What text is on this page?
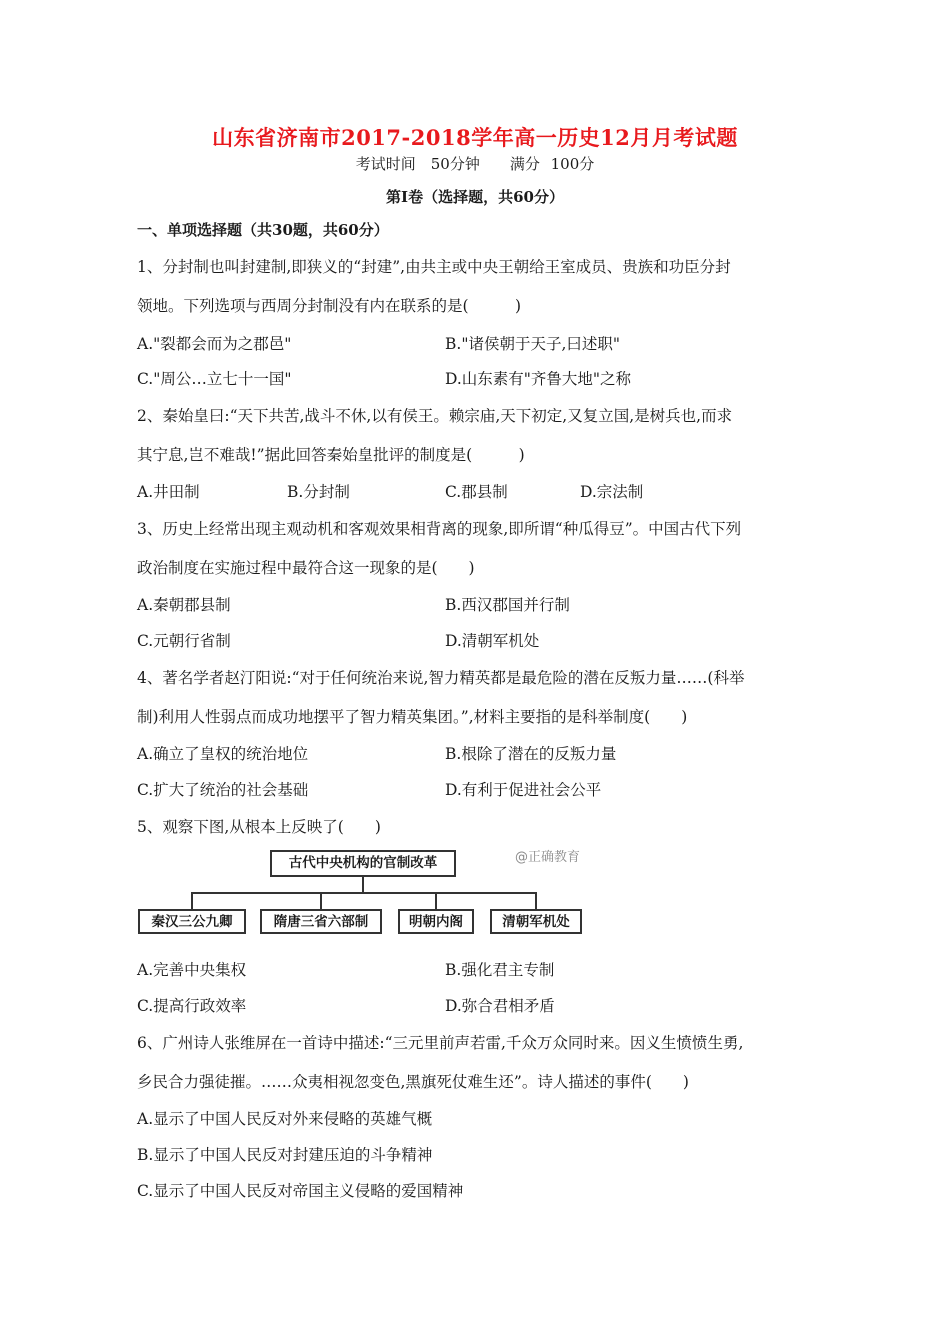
山东省济南市2017-2018学年高一历史12月月考试题
考试时间　50分钟　　满分 100分
第Ⅰ卷（选择题，共60分）
一、单项选择题（共30题，共60分）
1、分封制也叫封建制,即狭义的“封建”,由共主或中央王朝给王室成员、贵族和功臣分封
领地。下列选项与西周分封制没有内在联系的是(　　　)
A."裂都会而为之郡邑"	B."诸侯朝于天子,曰述职"
C."周公…立七十一国"	D.山东素有"齐鲁大地"之称
2、秦始皇曰:“天下共苦,战斗不休,以有侯王。赖宗庙,天下初定,又复立国,是树兵也,而求
其宁息,岂不难哉!”据此回答秦始皇批评的制度是(　　　)
A.井田制	B.分封制	C.郡县制	D.宗法制
3、历史上经常出现主观动机和客观效果相背离的现象,即所谓“种瓜得豆”。中国古代下列
政治制度在实施过程中最符合这一现象的是(　　)
A.秦朝郡县制	B.西汉郡国并行制
C.元朝行省制	D.清朝军机处
4、著名学者赵汀阳说:“对于任何统治来说,智力精英都是最危险的潜在反叛力量……(科举
制)利用人性弱点而成功地摆平了智力精英集团。”,材料主要指的是科举制度(　　)
A.确立了皇权的统治地位	B.根除了潜在的反叛力量
C.扩大了统治的社会基础	D.有利于促进社会公平
5、观察下图,从根本上反映了(　　)
古代中央机构的官制改革
秦汉三公九卿	隋唐三省六部制	明朝内阁	清朝军机处
@正确教育
A.完善中央集权	B.强化君主专制
C.提高行政效率	D.弥合君相矛盾
6、广州诗人张维屏在一首诗中描述:“三元里前声若雷,千众万众同时来。因义生愤愤生勇,
乡民合力强徒摧。……众夷相视忽变色,黑旗死仗难生还”。诗人描述的事件(　　)
A.显示了中国人民反对外来侵略的英雄气概
B.显示了中国人民反对封建压迫的斗争精神
C.显示了中国人民反对帝国主义侵略的爱国精神
